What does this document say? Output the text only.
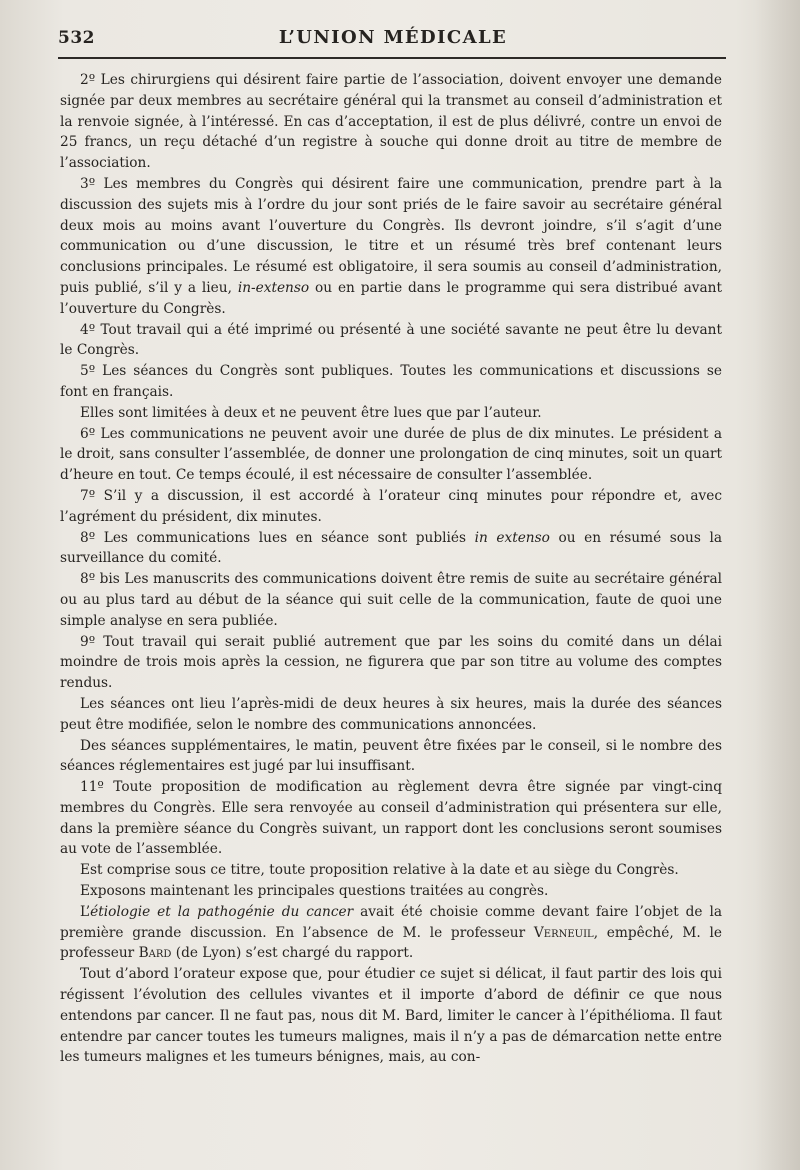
532	L’UNION MÉDICALE

2º Les chirurgiens qui désirent faire partie de l’association, doivent envoyer une demande signée par deux membres au secrétaire général qui la transmet au conseil d’administration et la renvoie signée, à l’intéressé. En cas d’acceptation, il est de plus délivré, contre un envoi de 25 francs, un reçu détaché d’un registre à souche qui donne droit au titre de membre de l’association.

3º Les membres du Congrès qui désirent faire une communication, prendre part à la discussion des sujets mis à l’ordre du jour sont priés de le faire savoir au secrétaire général deux mois au moins avant l’ouverture du Congrès. Ils devront joindre, s’il s’agit d’une communication ou d’une discussion, le titre et un résumé très bref contenant leurs conclusions principales. Le résumé est obligatoire, il sera soumis au conseil d’administration, puis publié, s’il y a lieu, in-extenso ou en partie dans le programme qui sera distribué avant l’ouverture du Congrès.

4º Tout travail qui a été imprimé ou présenté à une société savante ne peut être lu devant le Congrès.

5º Les séances du Congrès sont publiques. Toutes les communications et discussions se font en français.

Elles sont limitées à deux et ne peuvent être lues que par l’auteur.

6º Les communications ne peuvent avoir une durée de plus de dix minutes. Le président a le droit, sans consulter l’assemblée, de donner une prolongation de cinq minutes, soit un quart d’heure en tout. Ce temps écoulé, il est nécessaire de consulter l’assemblée.

7º S’il y a discussion, il est accordé à l’orateur cinq minutes pour répondre et, avec l’agrément du président, dix minutes.

8º Les communications lues en séance sont publiés in extenso ou en résumé sous la surveillance du comité.

8º bis Les manuscrits des communications doivent être remis de suite au secrétaire général ou au plus tard au début de la séance qui suit celle de la communication, faute de quoi une simple analyse en sera publiée.

9º Tout travail qui serait publié autrement que par les soins du comité dans un délai moindre de trois mois après la cession, ne figurera que par son titre au volume des comptes rendus.

Les séances ont lieu l’après-midi de deux heures à six heures, mais la durée des séances peut être modifiée, selon le nombre des communications annoncées.

Des séances supplémentaires, le matin, peuvent être fixées par le conseil, si le nombre des séances réglementaires est jugé par lui insuffisant.

11º Toute proposition de modification au règlement devra être signée par vingt-cinq membres du Congrès. Elle sera renvoyée au conseil d’administration qui présentera sur elle, dans la première séance du Congrès suivant, un rapport dont les conclusions seront soumises au vote de l’assemblée.

Est comprise sous ce titre, toute proposition relative à la date et au siège du Congrès.

Exposons maintenant les principales questions traitées au congrès.

L’étiologie et la pathogénie du cancer avait été choisie comme devant faire l’objet de la première grande discussion. En l’absence de M. le professeur Verneuil, empêché, M. le professeur Bard (de Lyon) s’est chargé du rapport.

Tout d’abord l’orateur expose que, pour étudier ce sujet si délicat, il faut partir des lois qui régissent l’évolution des cellules vivantes et il importe d’abord de définir ce que nous entendons par cancer. Il ne faut pas, nous dit M. Bard, limiter le cancer à l’épithélioma. Il faut entendre par cancer toutes les tumeurs malignes, mais il n’y a pas de démarcation nette entre les tumeurs malignes et les tumeurs bénignes, mais, au con-
